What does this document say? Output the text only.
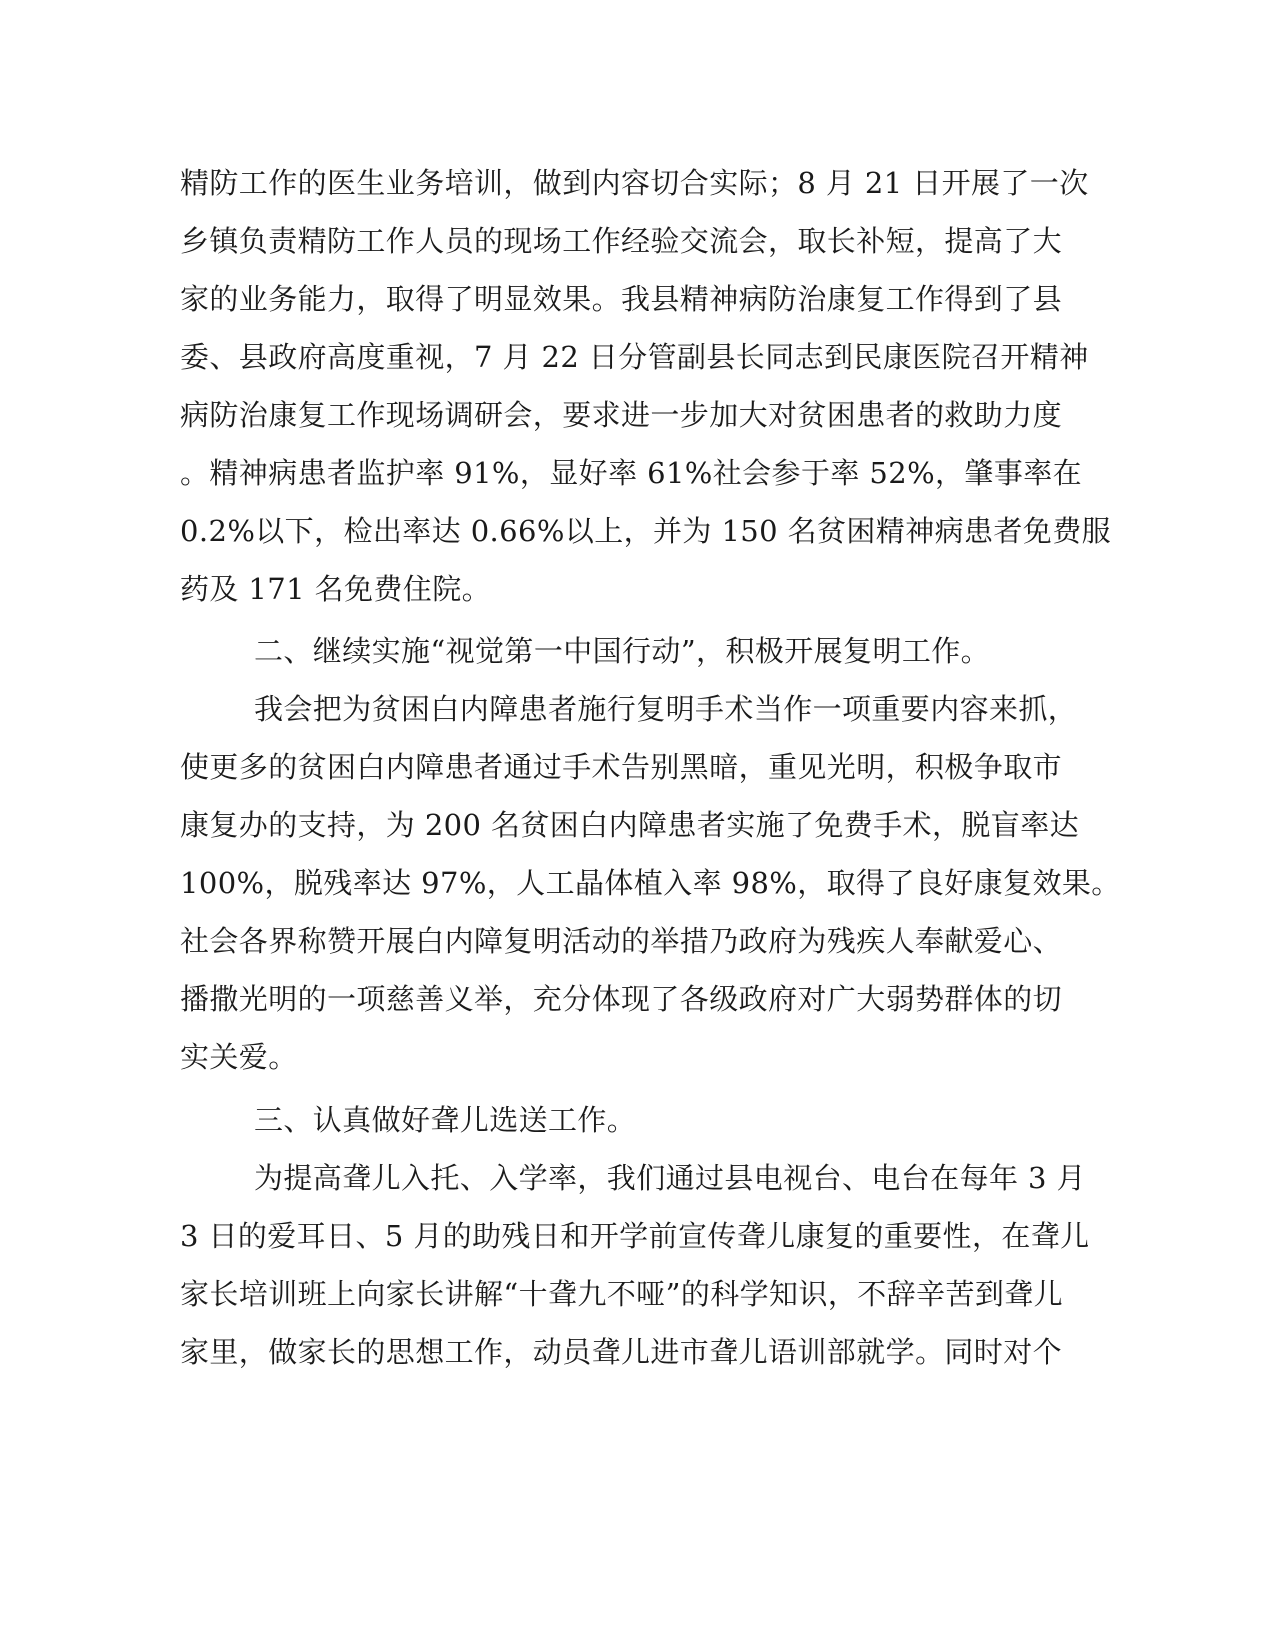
精防工作的医生业务培训，做到内容切合实际；8 月 21 日开展了一次
乡镇负责精防工作人员的现场工作经验交流会，取长补短，提高了大
家的业务能力，取得了明显效果。我县精神病防治康复工作得到了县
委、县政府高度重视，7 月 22 日分管副县长同志到民康医院召开精神
病防治康复工作现场调研会，要求进一步加大对贫困患者的救助力度
。精神病患者监护率 91%，显好率 61%社会参于率 52%，肇事率在
0.2%以下，检出率达 0.66%以上，并为 150 名贫困精神病患者免费服
药及 171 名免费住院。
二、继续实施“视觉第一中国行动”，积极开展复明工作。
我会把为贫困白内障患者施行复明手术当作一项重要内容来抓，
使更多的贫困白内障患者通过手术告别黑暗，重见光明，积极争取市
康复办的支持，为 200 名贫困白内障患者实施了免费手术，脱盲率达
100%，脱残率达 97%，人工晶体植入率 98%，取得了良好康复效果。
社会各界称赞开展白内障复明活动的举措乃政府为残疾人奉献爱心、
播撒光明的一项慈善义举，充分体现了各级政府对广大弱势群体的切
实关爱。
三、认真做好聋儿选送工作。
为提高聋儿入托、入学率，我们通过县电视台、电台在每年 3 月
3 日的爱耳日、5 月的助残日和开学前宣传聋儿康复的重要性，在聋儿
家长培训班上向家长讲解“十聋九不哑”的科学知识，不辞辛苦到聋儿
家里，做家长的思想工作，动员聋儿进市聋儿语训部就学。同时对个
